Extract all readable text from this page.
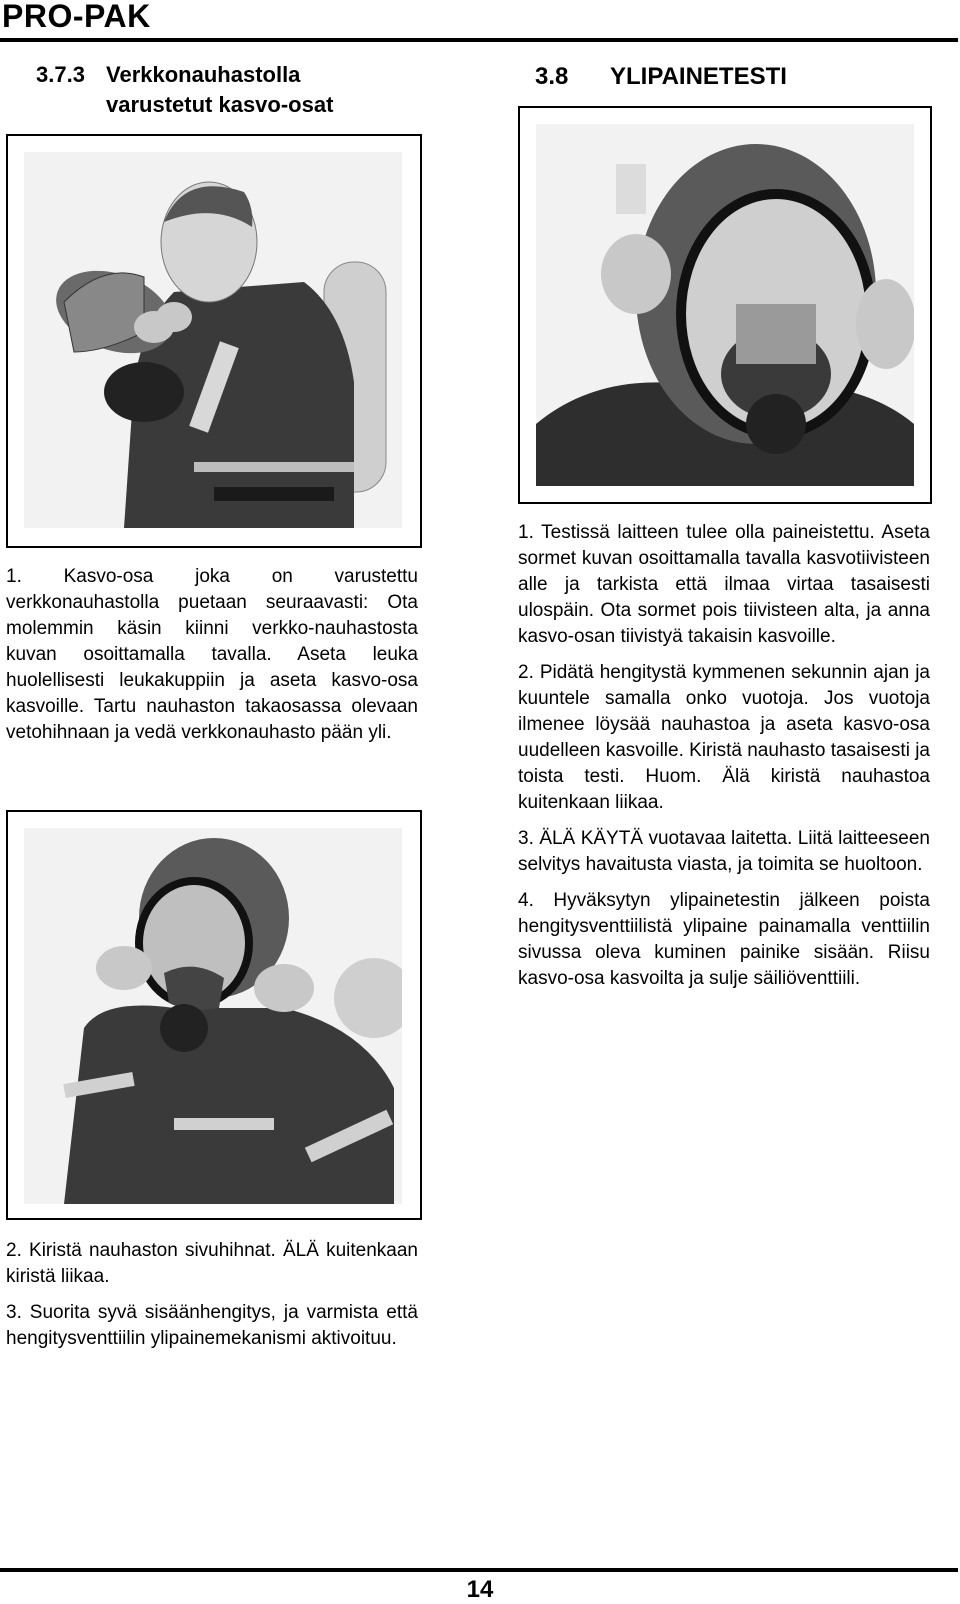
PRO-PAK
3.7.3 Verkkonauhastolla varustetut kasvo-osat
3.8 YLIPAINETESTI

1. Kasvo-osa joka on varustettu verkkonauhastolla puetaan seuraavasti: Ota molemmin käsin kiinni verkko-nauhastosta kuvan osoittamalla tavalla. Aseta leuka huolellisesti leukakuppiin ja aseta kasvo-osa kasvoille. Tartu nauhaston takaosassa olevaan vetohihnaan ja vedä verkkonauhasto pään yli.

2. Kiristä nauhaston sivuhihnat. ÄLÄ kuitenkaan kiristä liikaa.

3. Suorita syvä sisäänhengitys, ja varmista että hengitysventtiilin ylipainemekanismi aktivoituu.

1. Testissä laitteen tulee olla paineistettu. Aseta sormet kuvan osoittamalla tavalla kasvotiivisteen alle ja tarkista että ilmaa virtaa tasaisesti ulospäin. Ota sormet pois tiivisteen alta, ja anna kasvo-osan tiivistyä takaisin kasvoille.

2. Pidätä hengitystä kymmenen sekunnin ajan ja kuuntele samalla onko vuotoja. Jos vuotoja ilmenee löysää nauhastoa ja aseta kasvo-osa uudelleen kasvoille. Kiristä nauhasto tasaisesti ja toista testi. Huom. Älä kiristä nauhastoa kuitenkaan liikaa.

3. ÄLÄ KÄYTÄ vuotavaa laitetta. Liitä laitteeseen selvitys havaitusta viasta, ja toimita se huoltoon.

4. Hyväksytyn ylipainetestin jälkeen poista hengitysventtiilistä ylipaine painamalla venttiilin sivussa oleva kuminen painike sisään. Riisu kasvo-osa kasvoilta ja sulje säiliöventtiili.

14
